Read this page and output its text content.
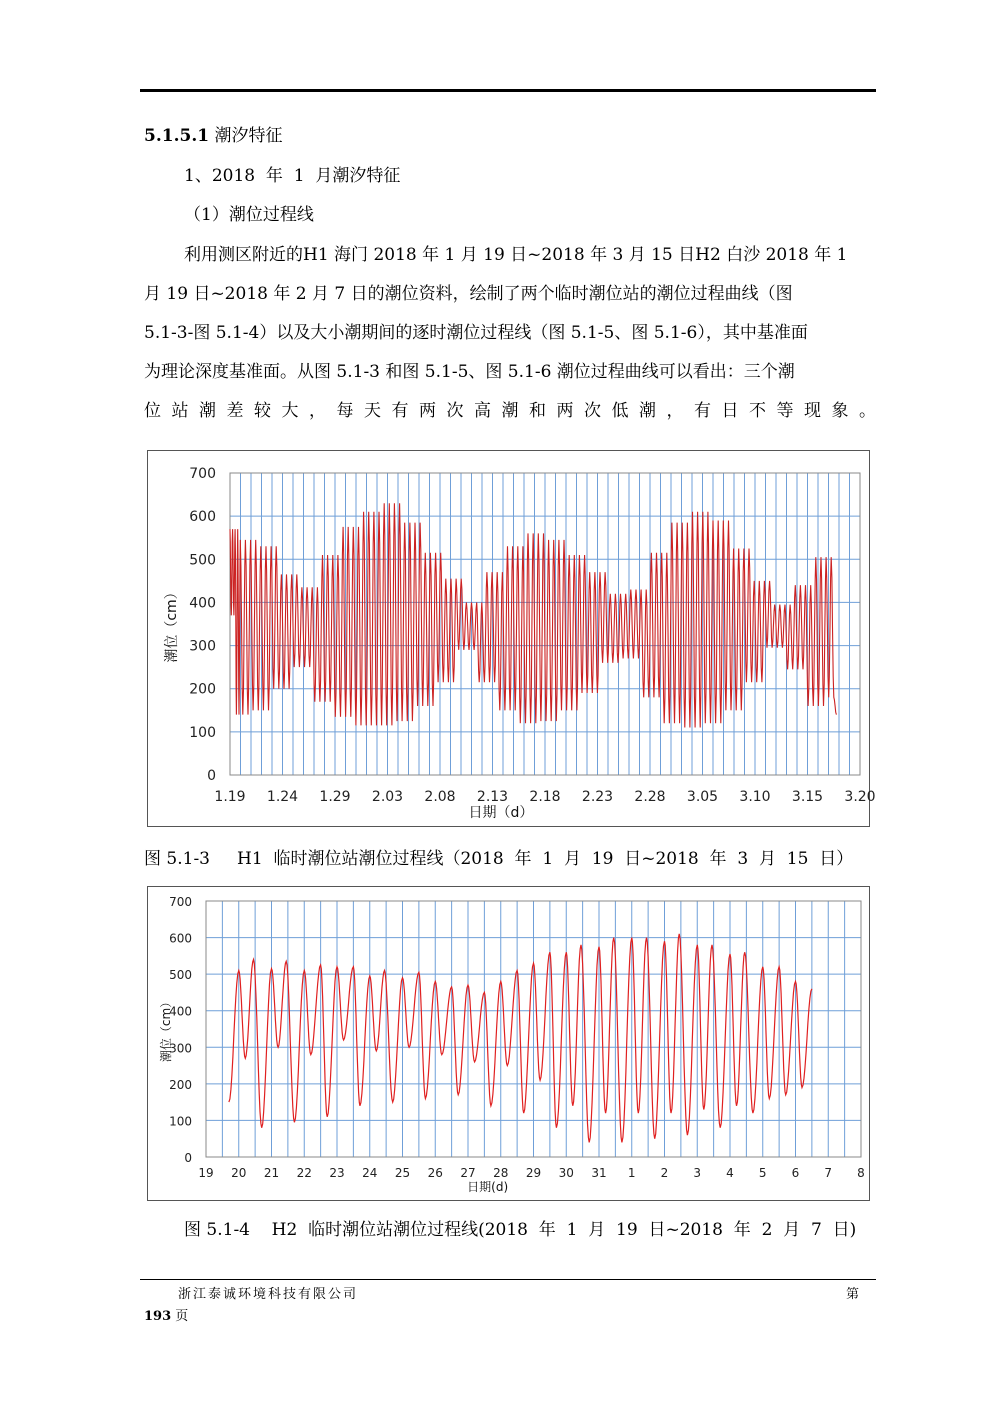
5.1.5.1 潮汐特征
1、2018  年  1  月潮汐特征
（1）潮位过程线
利用测区附近的H1 海门 2018 年 1 月 19 日~2018 年 3 月 15 日H2 白沙 2018 年 1
月 19 日~2018 年 2 月 7 日的潮位资料，绘制了两个临时潮位站的潮位过程曲线（图
5.1-3-图 5.1-4）以及大小潮期间的逐时潮位过程线（图 5.1-5、图 5.1-6），其中基准面
为理论深度基准面。从图 5.1-3 和图 5.1-5、图 5.1-6 潮位过程曲线可以看出：三个潮
位站潮差较大，每天有两次高潮和两次低潮，有日不等现象。
0
100
200
300
400
500
600
700
1.19 1.24 1.29 2.03 2.08 2.13 2.18 2.23 2.28 3.05 3.10 3.15 3.20
日期（d）
潮位（cm）
图 5.1-3     H1  临时潮位站潮位过程线（2018  年  1  月  19  日~2018  年  3  月  15  日）
0
100
200
300
400
500
600
700
19 20 21 22 23 24 25 26 27 28 29 30 31 1 2 3 4 5 6 7 8
日期(d)
潮位（cm）
图 5.1-4    H2  临时潮位站潮位过程线(2018  年  1  月  19  日~2018  年  2  月  7  日)
浙江泰诚环境科技有限公司	第
193 页
